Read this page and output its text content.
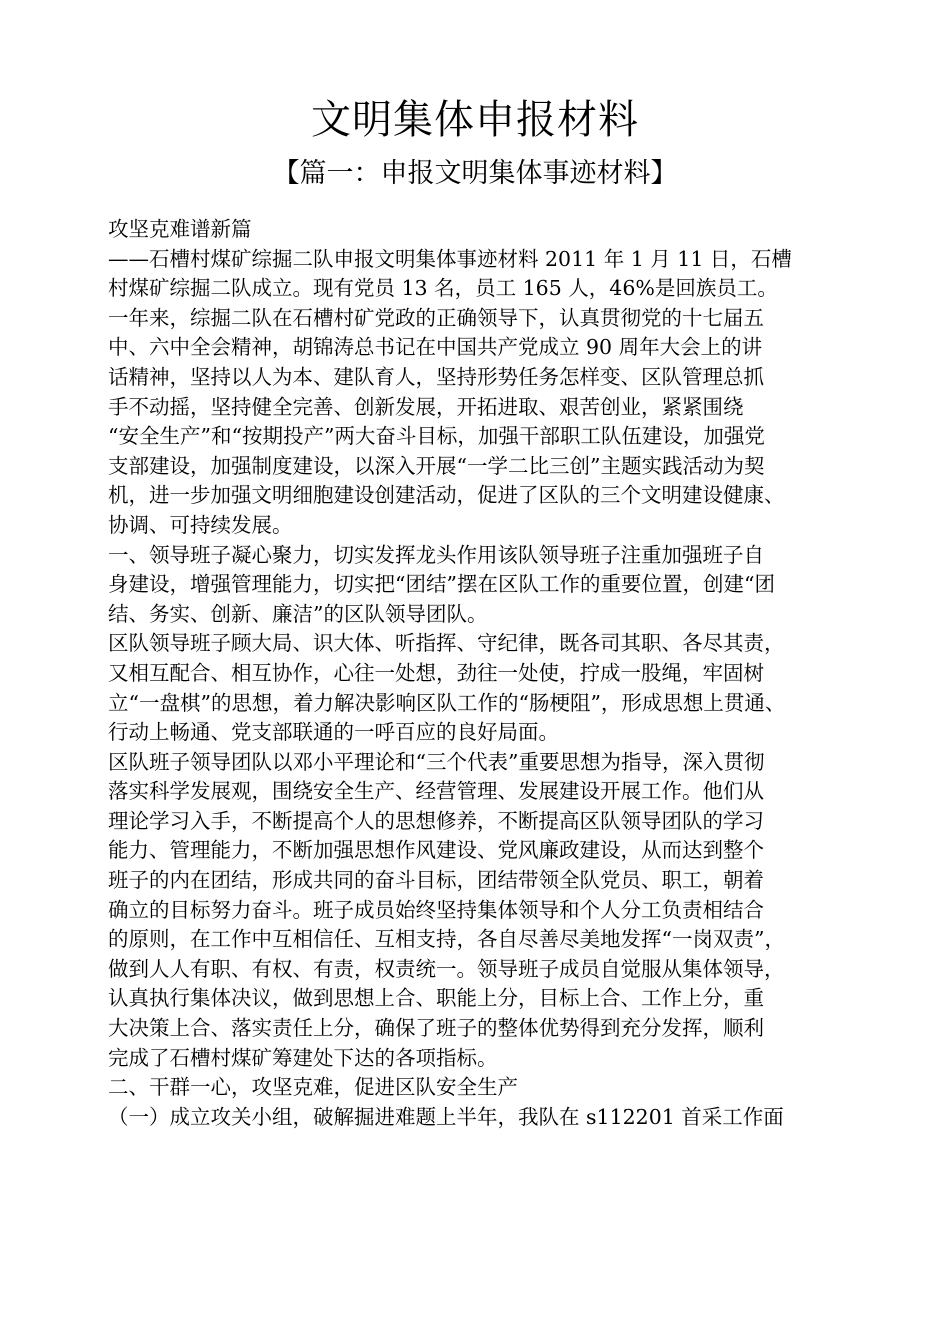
文明集体申报材料
【篇一：申报文明集体事迹材料】
攻坚克难谱新篇
——石槽村煤矿综掘二队申报文明集体事迹材料 2011 年 1 月 11 日，石槽
村煤矿综掘二队成立。现有党员 13 名，员工 165 人，46%是回族员工。
一年来，综掘二队在石槽村矿党政的正确领导下，认真贯彻党的十七届五
中、六中全会精神，胡锦涛总书记在中国共产党成立 90 周年大会上的讲
话精神，坚持以人为本、建队育人，坚持形势任务怎样变、区队管理总抓
手不动摇，坚持健全完善、创新发展，开拓进取、艰苦创业，紧紧围绕
“安全生产”和“按期投产”两大奋斗目标，加强干部职工队伍建设，加强党
支部建设，加强制度建设，以深入开展“一学二比三创”主题实践活动为契
机，进一步加强文明细胞建设创建活动，促进了区队的三个文明建设健康、
协调、可持续发展。
一、领导班子凝心聚力，切实发挥龙头作用该队领导班子注重加强班子自
身建设，增强管理能力，切实把“团结”摆在区队工作的重要位置，创建“团
结、务实、创新、廉洁”的区队领导团队。
区队领导班子顾大局、识大体、听指挥、守纪律，既各司其职、各尽其责，
又相互配合、相互协作，心往一处想，劲往一处使，拧成一股绳，牢固树
立“一盘棋”的思想，着力解决影响区队工作的“肠梗阻”，形成思想上贯通、
行动上畅通、党支部联通的一呼百应的良好局面。
区队班子领导团队以邓小平理论和“三个代表”重要思想为指导，深入贯彻
落实科学发展观，围绕安全生产、经营管理、发展建设开展工作。他们从
理论学习入手，不断提高个人的思想修养，不断提高区队领导团队的学习
能力、管理能力，不断加强思想作风建设、党风廉政建设，从而达到整个
班子的内在团结，形成共同的奋斗目标，团结带领全队党员、职工，朝着
确立的目标努力奋斗。班子成员始终坚持集体领导和个人分工负责相结合
的原则，在工作中互相信任、互相支持，各自尽善尽美地发挥“一岗双责”，
做到人人有职、有权、有责，权责统一。领导班子成员自觉服从集体领导，
认真执行集体决议，做到思想上合、职能上分，目标上合、工作上分，重
大决策上合、落实责任上分，确保了班子的整体优势得到充分发挥，顺利
完成了石槽村煤矿筹建处下达的各项指标。
二、干群一心，攻坚克难，促进区队安全生产
（一）成立攻关小组，破解掘进难题上半年，我队在 s112201 首采工作面
